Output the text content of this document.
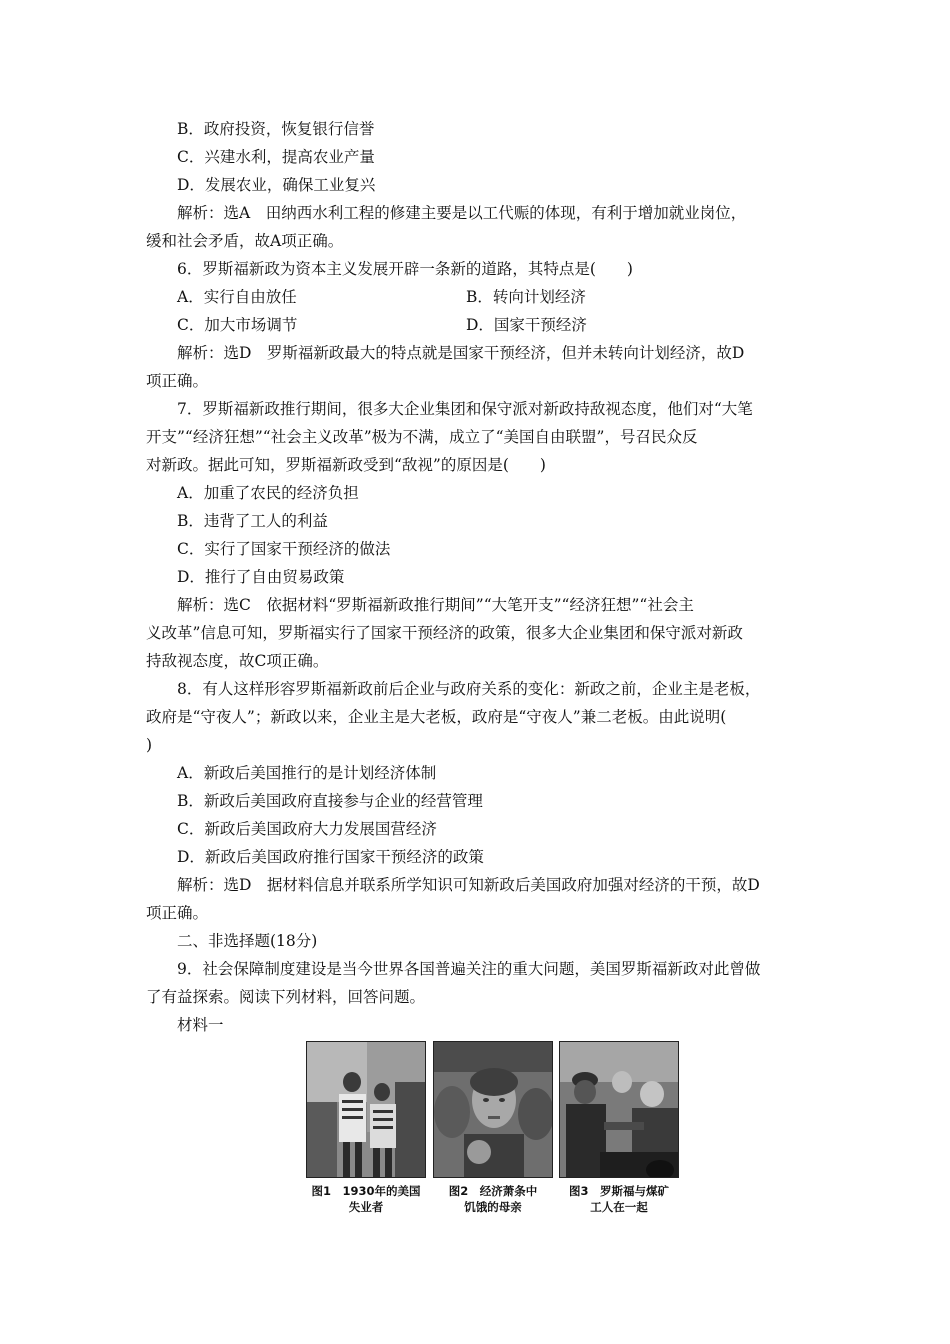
B．政府投资，恢复银行信誉
C．兴建水利，提高农业产量
D．发展农业，确保工业复兴
解析：选A　田纳西水利工程的修建主要是以工代赈的体现，有利于增加就业岗位，
缓和社会矛盾，故A项正确。
6．罗斯福新政为资本主义发展开辟一条新的道路，其特点是(　　)
A．实行自由放任	B．转向计划经济
C．加大市场调节	D．国家干预经济
解析：选D　罗斯福新政最大的特点就是国家干预经济，但并未转向计划经济，故D
项正确。
7．罗斯福新政推行期间，很多大企业集团和保守派对新政持敌视态度，他们对“大笔
开支”“经济狂想”“社会主义改革”极为不满，成立了“美国自由联盟”，号召民众反
对新政。据此可知，罗斯福新政受到“敌视”的原因是(　　)
A．加重了农民的经济负担
B．违背了工人的利益
C．实行了国家干预经济的做法
D．推行了自由贸易政策
解析：选C　依据材料“罗斯福新政推行期间”“大笔开支”“经济狂想”“社会主
义改革”信息可知，罗斯福实行了国家干预经济的政策，很多大企业集团和保守派对新政
持敌视态度，故C项正确。
8．有人这样形容罗斯福新政前后企业与政府关系的变化：新政之前，企业主是老板，
政府是“守夜人”；新政以来，企业主是大老板，政府是“守夜人”兼二老板。由此说明(
)
A．新政后美国推行的是计划经济体制
B．新政后美国政府直接参与企业的经营管理
C．新政后美国政府大力发展国营经济
D．新政后美国政府推行国家干预经济的政策
解析：选D　据材料信息并联系所学知识可知新政后美国政府加强对经济的干预，故D
项正确。
二、非选择题(18分)
9．社会保障制度建设是当今世界各国普遍关注的重大问题，美国罗斯福新政对此曾做
了有益探索。阅读下列材料，回答问题。
材料一
图1　1930年的美国
失业者
图2　经济萧条中
饥饿的母亲
图3　罗斯福与煤矿
工人在一起
